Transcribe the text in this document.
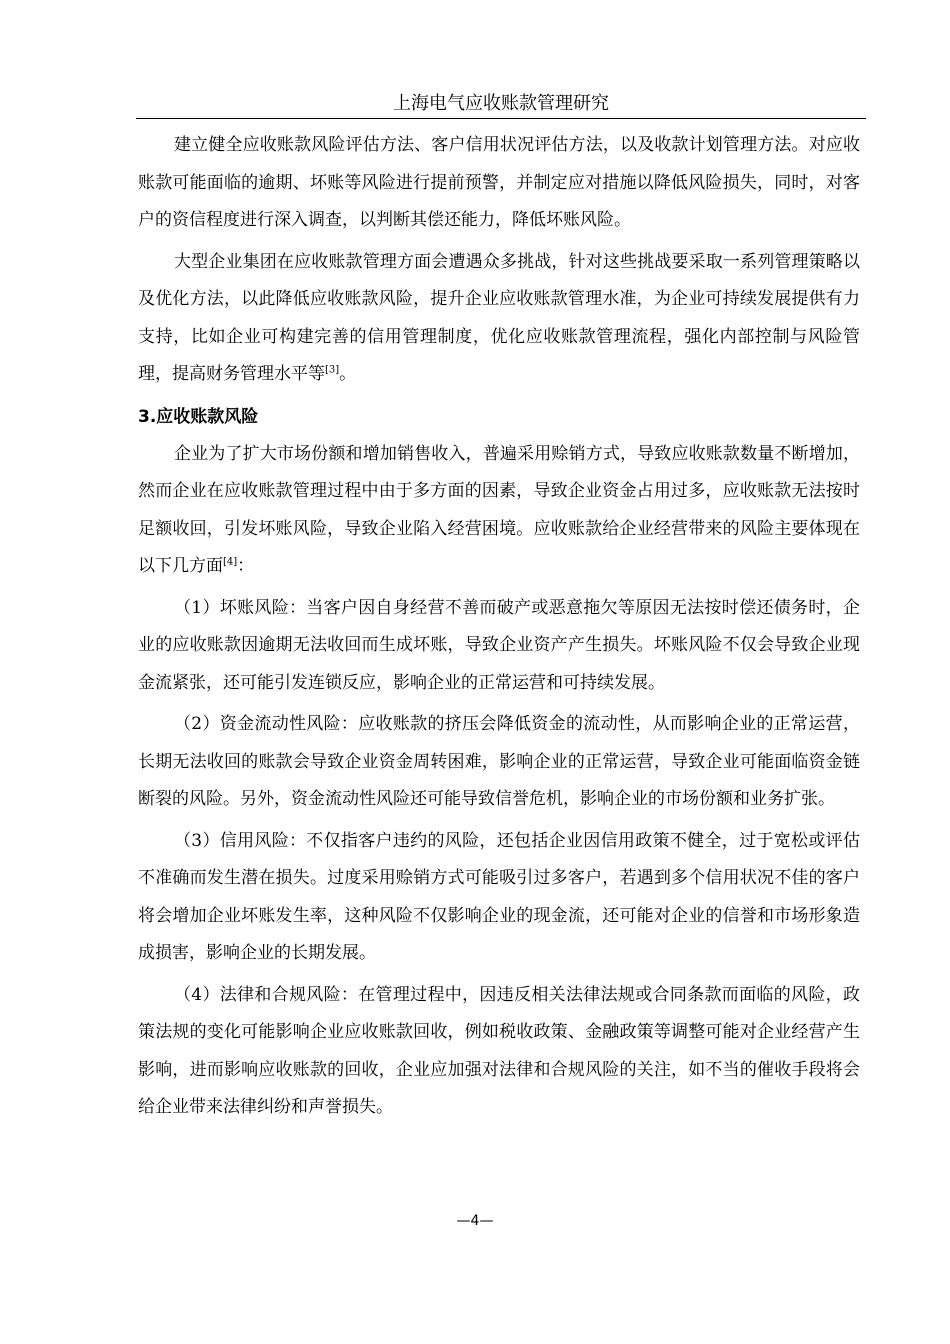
上海电气应收账款管理研究

建立健全应收账款风险评估方法、客户信用状况评估方法，以及收款计划管理方法。对应收账款可能面临的逾期、坏账等风险进行提前预警，并制定应对措施以降低风险损失，同时，对客户的资信程度进行深入调查，以判断其偿还能力，降低坏账风险。

大型企业集团在应收账款管理方面会遭遇众多挑战，针对这些挑战要采取一系列管理策略以及优化方法，以此降低应收账款风险，提升企业应收账款管理水准，为企业可持续发展提供有力支持，比如企业可构建完善的信用管理制度，优化应收账款管理流程，强化内部控制与风险管理，提高财务管理水平等[3]。

3.应收账款风险

企业为了扩大市场份额和增加销售收入，普遍采用赊销方式，导致应收账款数量不断增加，然而企业在应收账款管理过程中由于多方面的因素，导致企业资金占用过多，应收账款无法按时足额收回，引发坏账风险，导致企业陷入经营困境。应收账款给企业经营带来的风险主要体现在以下几方面[4]：

（1）坏账风险：当客户因自身经营不善而破产或恶意拖欠等原因无法按时偿还债务时，企业的应收账款因逾期无法收回而生成坏账，导致企业资产产生损失。坏账风险不仅会导致企业现金流紧张，还可能引发连锁反应，影响企业的正常运营和可持续发展。

（2）资金流动性风险：应收账款的挤压会降低资金的流动性，从而影响企业的正常运营，长期无法收回的账款会导致企业资金周转困难，影响企业的正常运营，导致企业可能面临资金链断裂的风险。另外，资金流动性风险还可能导致信誉危机，影响企业的市场份额和业务扩张。

（3）信用风险：不仅指客户违约的风险，还包括企业因信用政策不健全，过于宽松或评估不准确而发生潜在损失。过度采用赊销方式可能吸引过多客户，若遇到多个信用状况不佳的客户将会增加企业坏账发生率，这种风险不仅影响企业的现金流，还可能对企业的信誉和市场形象造成损害，影响企业的长期发展。

（4）法律和合规风险：在管理过程中，因违反相关法律法规或合同条款而面临的风险，政策法规的变化可能影响企业应收账款回收，例如税收政策、金融政策等调整可能对企业经营产生影响，进而影响应收账款的回收，企业应加强对法律和合规风险的关注，如不当的催收手段将会给企业带来法律纠纷和声誉损失。

—4—
